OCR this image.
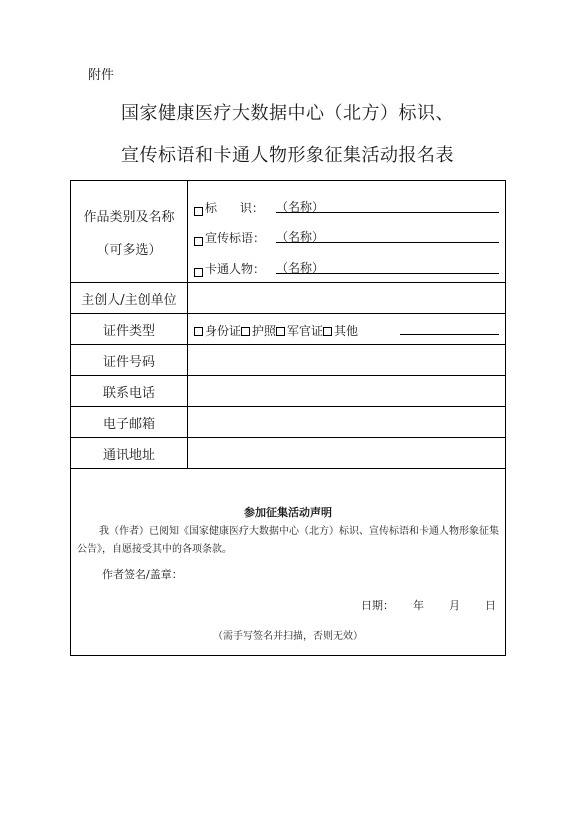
附件
国家健康医疗大数据中心（北方）标识、
宣传标语和卡通人物形象征集活动报名表
作品类别及名称
（可多选）
标      识： （名称）
宣传标语： （名称）
卡通人物： （名称）
主创人/主创单位
证件类型	身份证 护照 军官证 其他
证件号码
联系电话
电子邮箱
通讯地址
参加征集活动声明
我（作者）已阅知《国家健康医疗大数据中心（北方）标识、宣传标语和卡通人物形象征集公告》，自愿接受其中的各项条款。
作者签名/盖章：
日期： 年 月 日
（需手写签名并扫描，否则无效）
